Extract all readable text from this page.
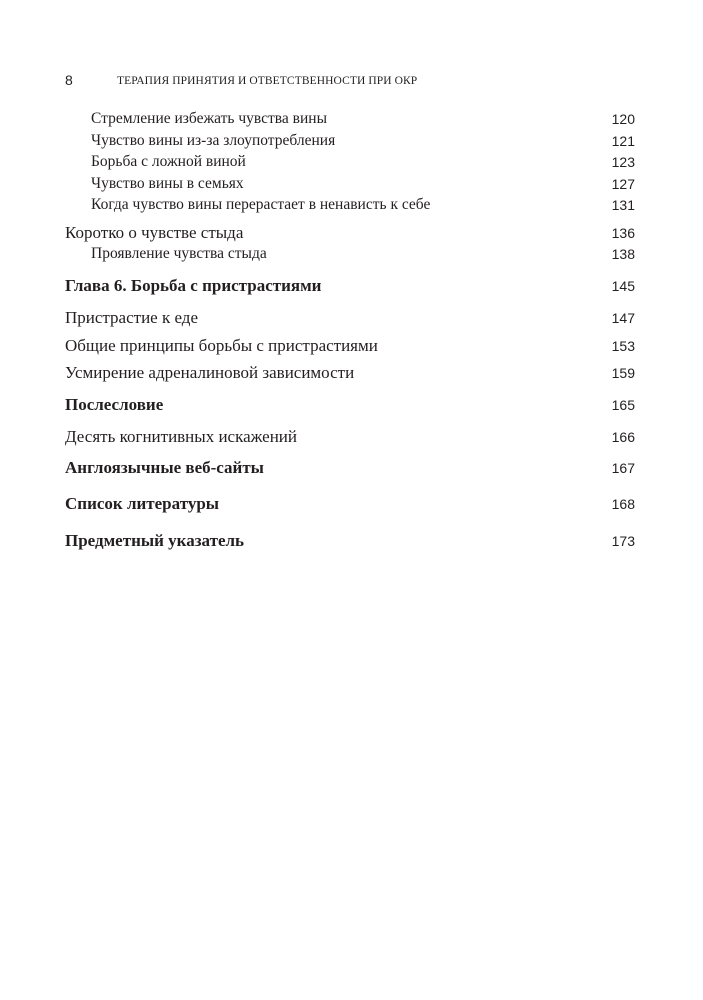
8	ТЕРАПИЯ ПРИНЯТИЯ И ОТВЕТСТВЕННОСТИ ПРИ ОКР
Стремление избежать чувства вины	120
Чувство вины из-за злоупотребления	121
Борьба с ложной виной	123
Чувство вины в семьях	127
Когда чувство вины перерастает в ненависть к себе	131
Коротко о чувстве стыда	136
Проявление чувства стыда	138
Глава 6. Борьба с пристрастиями	145
Пристрастие к еде	147
Общие принципы борьбы с пристрастиями	153
Усмирение адреналиновой зависимости	159
Послесловие	165
Десять когнитивных искажений	166
Англоязычные веб-сайты	167
Список литературы	168
Предметный указатель	173
